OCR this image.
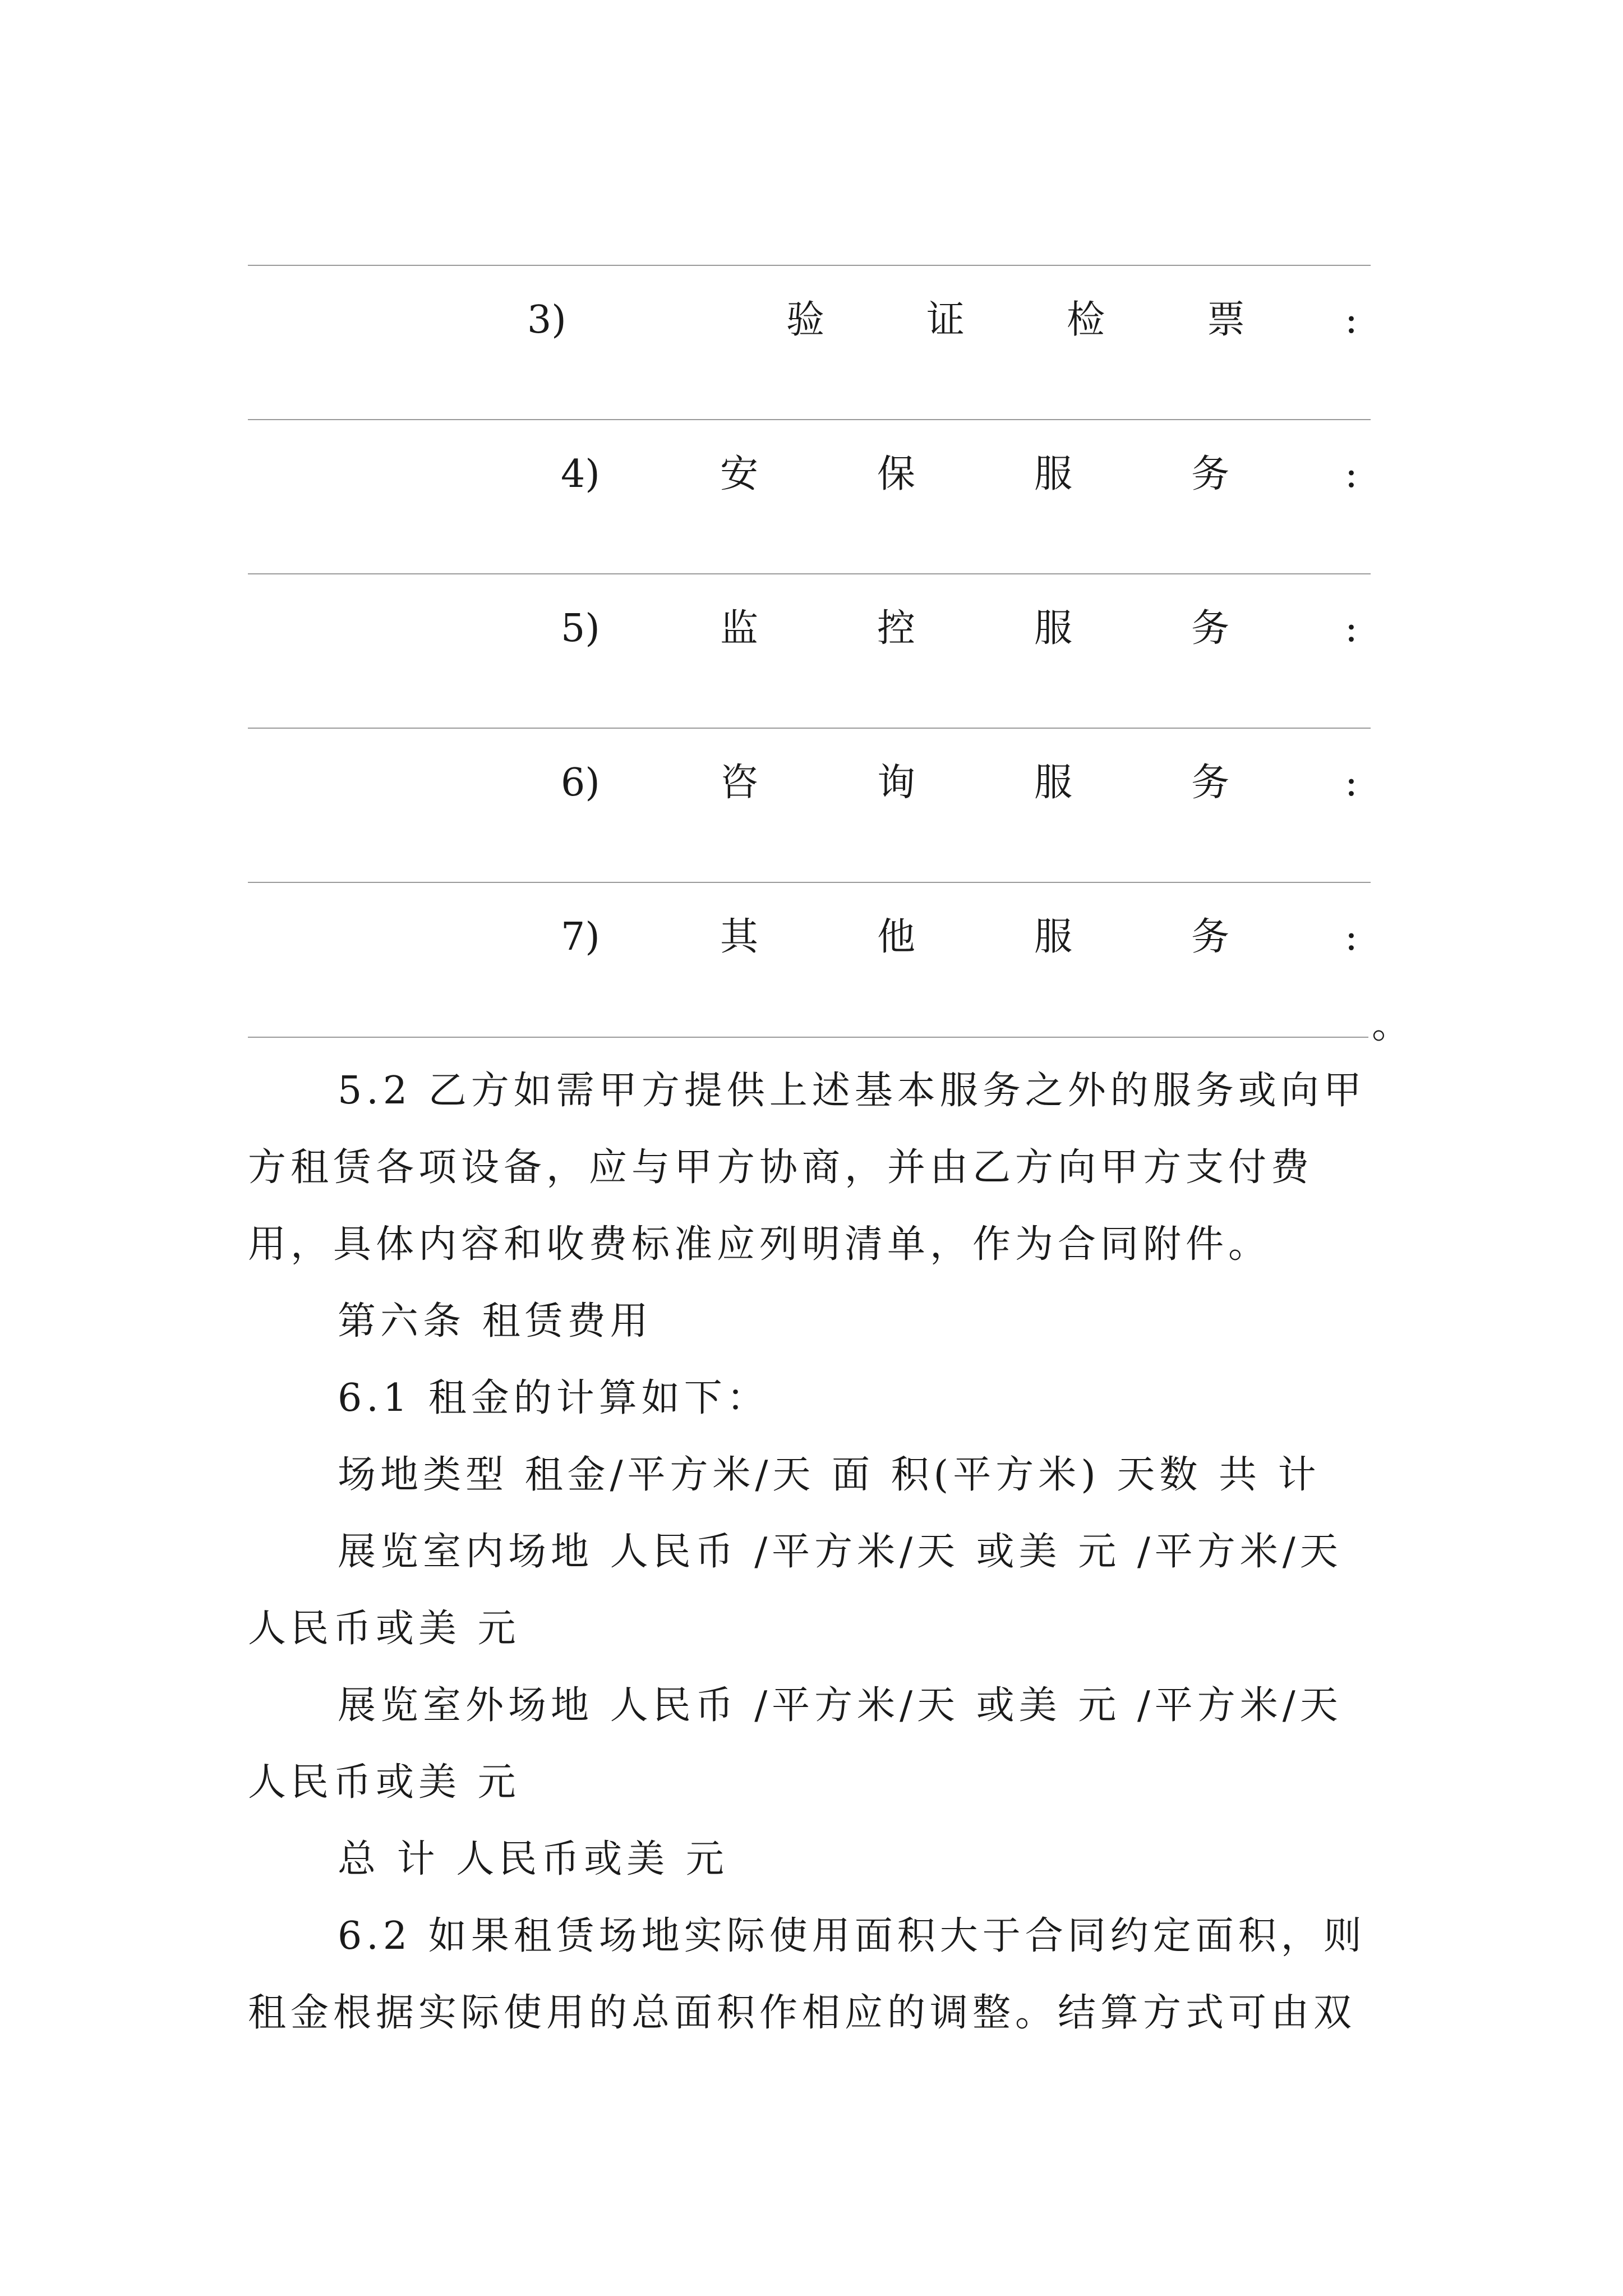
3)	验	证	检	票	:
4)	安	保	服	务	:
5)	监	控	服	务	:
6)	咨	询	服	务	:
7)	其	他	服	务	:
。

5.2 乙方如需甲方提供上述基本服务之外的服务或向甲方租赁各项设备，应与甲方协商，并由乙方向甲方支付费用，具体内容和收费标准应列明清单，作为合同附件。

第六条 租赁费用

6.1 租金的计算如下：

场地类型 租金/平方米/天 面 积(平方米) 天数 共 计

展览室内场地 人民币 /平方米/天 或美 元 /平方米/天 人民币或美 元

展览室外场地 人民币 /平方米/天 或美 元 /平方米/天 人民币或美 元

总 计 人民币或美 元

6.2 如果租赁场地实际使用面积大于合同约定面积，则租金根据实际使用的总面积作相应的调整。结算方式可由双
